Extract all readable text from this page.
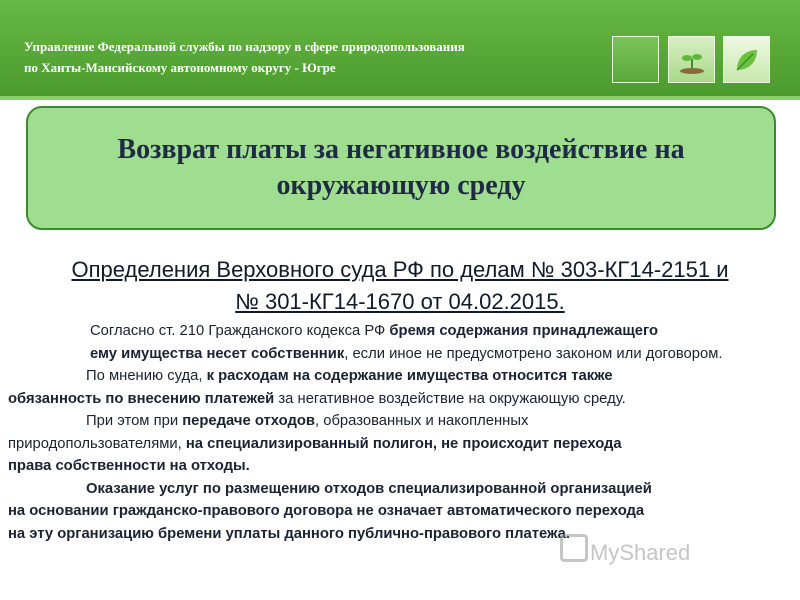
Управление Федеральной службы по надзору в сфере природопользования
по Ханты-Мансийскому автономному округу - Югре
Возврат платы за негативное воздействие на
окружающую среду
Определения Верховного суда РФ по делам № 303-КГ14-2151 и
№ 301-КГ14-1670 от 04.02.2015.

Согласно ст. 210 Гражданского кодекса РФ бремя содержания принадлежащего
ему имущества несет собственник, если иное не предусмотрено законом или договором.

По мнению суда, к расходам на содержание имущества относится также

обязанность по внесению платежей за негативное воздействие на окружающую среду.

При этом при передаче отходов, образованных и накопленных

природопользователями, на специализированный полигон, не происходит перехода
права собственности на отходы.

Оказание услуг по размещению отходов специализированной организацией

на основании гражданско-правового договора не означает автоматического перехода
на эту организацию бремени уплаты данного публично-правового платежа.

MyShared
